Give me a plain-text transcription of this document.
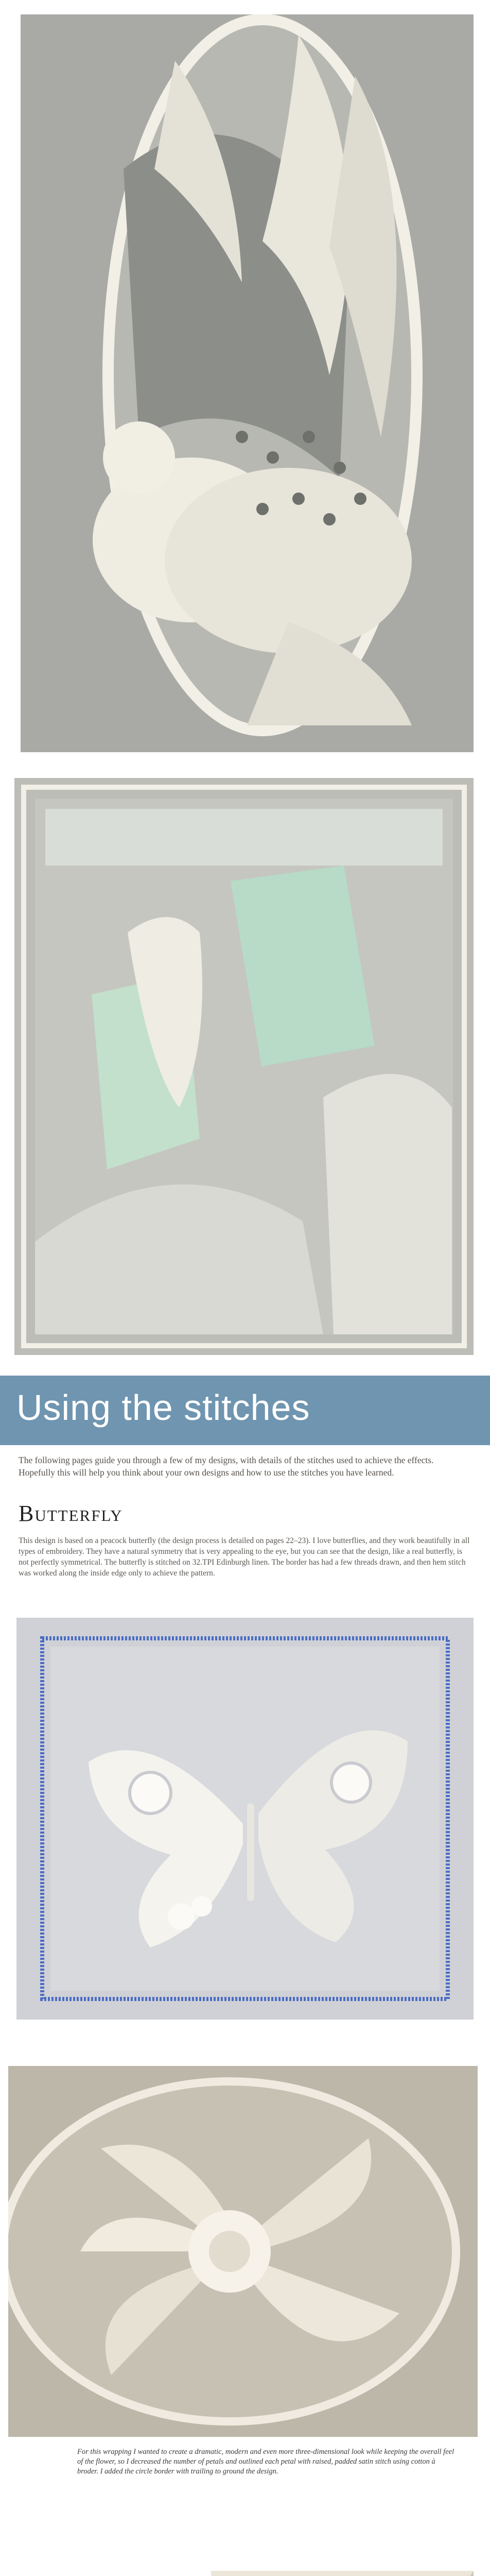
Using the stitches
The following pages guide you through a few of my designs, with details of the stitches used to achieve the effects. Hopefully this will help you think about your own designs and how to use the stitches you have learned.
Butterfly
This design is based on a peacock butterfly (the design process is detailed on pages 22–23). I love butterflies, and they work beautifully in all types of embroidery. They have a natural symmetry that is very appealing to the eye, but you can see that the design, like a real butterfly, is not perfectly symmetrical. The butterfly is stitched on 32.TPI Edinburgh linen. The border has had a few threads drawn, and then hem stitch was worked along the inside edge only to achieve the pattern.
For this wrapping I wanted to create a dramatic, modern and even more three-dimensional look while keeping the overall feel of the flower, so I decreased the number of petals and outlined each petal with raised, padded satin stitch using cotton à broder. I added the circle border with trailing to ground the design.
